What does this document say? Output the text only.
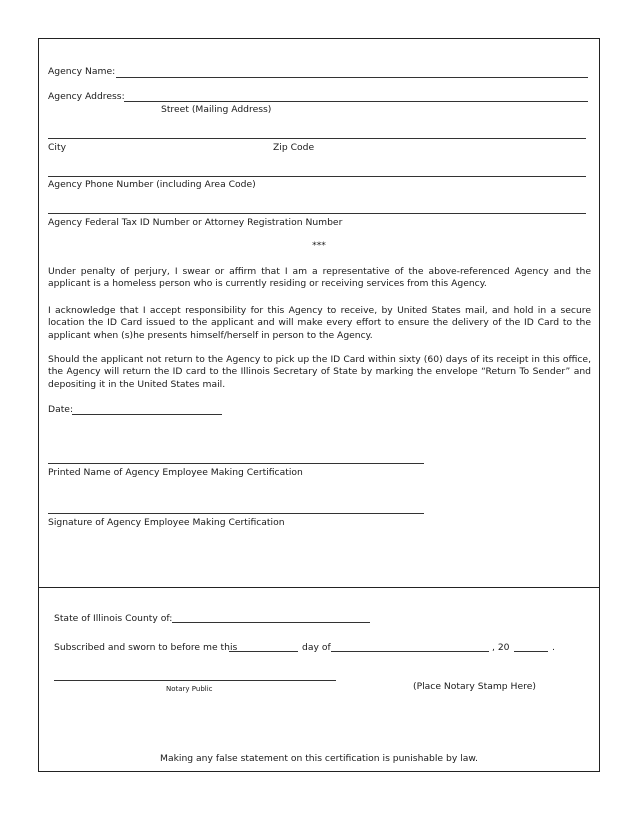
Agency Name:
Agency Address:
Street (Mailing Address)
City	Zip Code
Agency Phone Number (including Area Code)
Agency Federal Tax ID Number or Attorney Registration Number
***
Under penalty of perjury, I swear or affirm that I am a representative of the above-referenced Agency and the applicant is a homeless person who is currently residing or receiving services from this Agency.
I acknowledge that I accept responsibility for this Agency to receive, by United States mail, and hold in a secure location the ID Card issued to the applicant and will make every effort to ensure the delivery of the ID Card to the applicant when (s)he presents himself/herself in person to the Agency.
Should the applicant not return to the Agency to pick up the ID Card within sixty (60) days of its receipt in this office, the Agency will return the ID card to the Illinois Secretary of State by marking the envelope “Return To Sender” and depositing it in the United States mail.
Date:
Printed Name of Agency Employee Making Certification
Signature of Agency Employee Making Certification
State of Illinois County of:
Subscribed and sworn to before me this	day of	, 20	.
Notary Public	(Place Notary Stamp Here)
Making any false statement on this certification is punishable by law.
